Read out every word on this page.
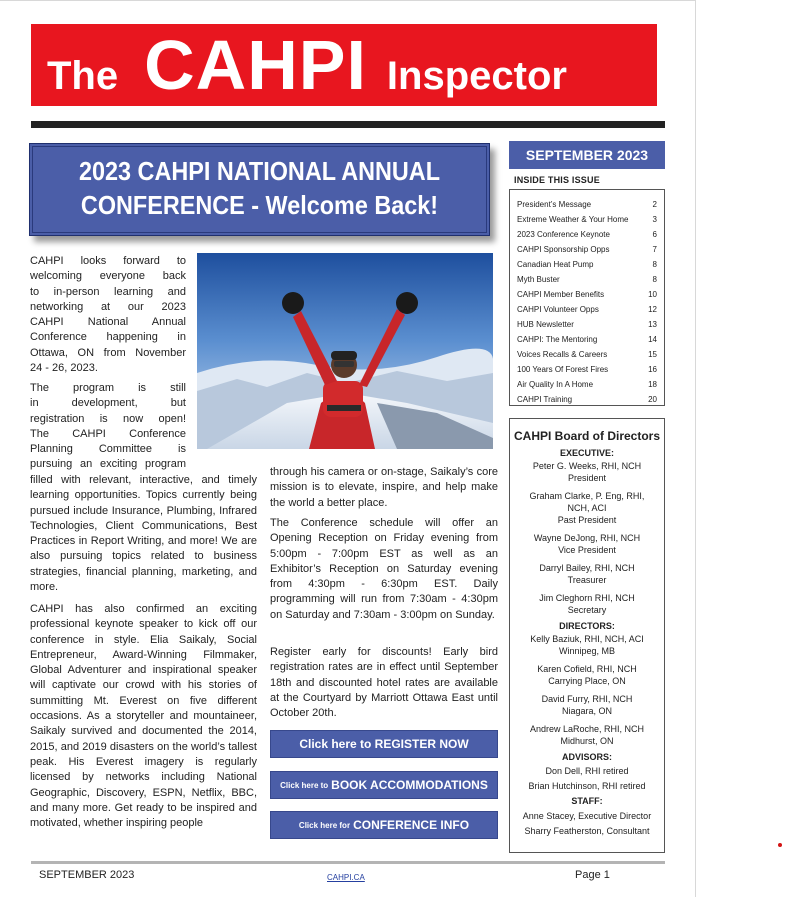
The CAHPI Inspector
2023 CAHPI NATIONAL ANNUAL
CONFERENCE - Welcome Back!
SEPTEMBER 2023
INSIDE THIS ISSUE
President’s Message	2
Extreme Weather & Your Home	3
2023 Conference Keynote	6
CAHPI Sponsorship Opps	7
Canadian Heat Pump	8
Myth Buster	8
CAHPI Member Benefits	10
CAHPI Volunteer Opps	12
HUB Newsletter	13
CAHPI: The Mentoring	14
Voices Recalls & Careers	15
100 Years Of Forest Fires	16
Air Quality In A Home	18
CAHPI Training	20
CAHPI Board of Directors
EXECUTIVE:
Peter G. Weeks, RHI, NCH
President
Graham Clarke, P. Eng, RHI,
NCH, ACI
Past President
Wayne DeJong, RHI, NCH
Vice President
Darryl Bailey, RHI, NCH
Treasurer
Jim Cleghorn RHI, NCH
Secretary
DIRECTORS:
Kelly Baziuk, RHI, NCH, ACI
Winnipeg, MB
Karen Cofield, RHI, NCH
Carrying Place, ON
David Furry, RHI, NCH
Niagara, ON
Andrew LaRoche, RHI, NCH
Midhurst, ON
ADVISORS:
Don Dell, RHI retired
Brian Hutchinson, RHI retired
STAFF:
Anne Stacey, Executive Director
Sharry Featherston, Consultant
CAHPI looks forward to
welcoming everyone back
to in-person learning and
networking at our 2023
CAHPI National Annual
Conference happening in
Ottawa, ON from November
24 - 26, 2023.
The program is still
in development, but
registration is now open!
The CAHPI Conference
Planning Committee is
pursuing an exciting program
filled with relevant, interactive, and timely learning opportunities. Topics currently being pursued include Insurance, Plumbing, Infrared Technologies, Client Communications, Best Practices in Report Writing, and more! We are also pursuing topics related to business strategies, financial planning, marketing, and more.
CAHPI has also confirmed an exciting professional keynote speaker to kick off our conference in style. Elia Saikaly, Social Entrepreneur, Award-Winning Filmmaker, Global Adventurer and inspirational speaker will captivate our crowd with his stories of summitting Mt. Everest on five different occasions. As a storyteller and mountaineer, Saikaly survived and documented the 2014, 2015, and 2019 disasters on the world’s tallest peak. His Everest imagery is regularly licensed by networks including National Geographic, Discovery, ESPN, Netflix, BBC, and many more. Get ready to be inspired and motivated, whether inspiring people
through his camera or on-stage, Saikaly’s core mission is to elevate, inspire, and help make the world a better place.
The Conference schedule will offer an Opening Reception on Friday evening from 5:00pm - 7:00pm EST as well as an Exhibitor’s Reception on Saturday evening from 4:30pm - 6:30pm EST. Daily programming will run from 7:30am - 4:30pm on Saturday and 7:30am - 3:00pm on Sunday.
Register early for discounts! Early bird registration rates are in effect until September 18th and discounted hotel rates are available at the Courtyard by Marriott Ottawa East until October 20th.
Click here to REGISTER NOW
Click here to BOOK ACCOMMODATIONS
Click here for CONFERENCE INFO
SEPTEMBER 2023	CAHPI.CA	Page 1
